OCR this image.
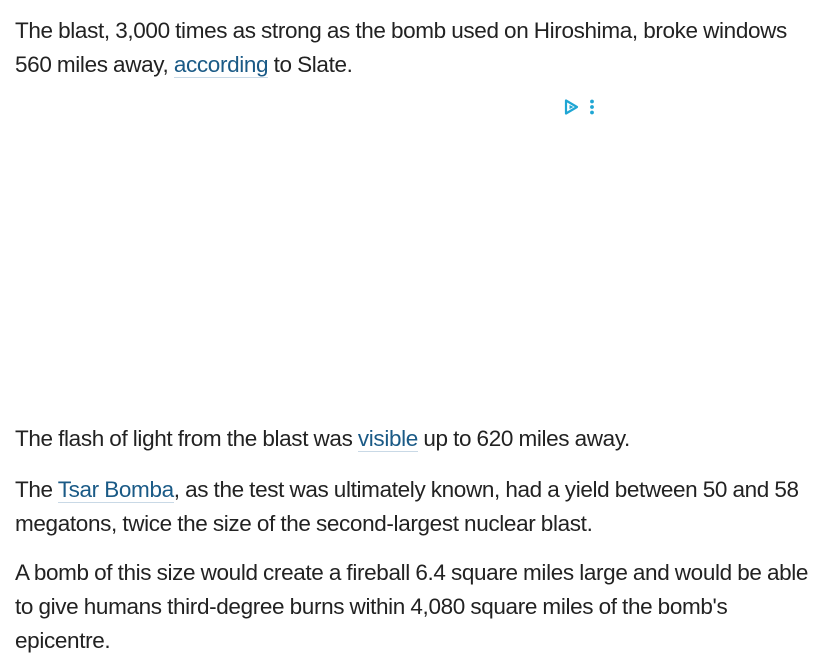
The blast, 3,000 times as strong as the bomb used on Hiroshima, broke windows 560 miles away, according to Slate.

The flash of light from the blast was visible up to 620 miles away.

The Tsar Bomba, as the test was ultimately known, had a yield between 50 and 58 megatons, twice the size of the second-largest nuclear blast.

A bomb of this size would create a fireball 6.4 square miles large and would be able to give humans third-degree burns within 4,080 square miles of the bomb's epicentre.
